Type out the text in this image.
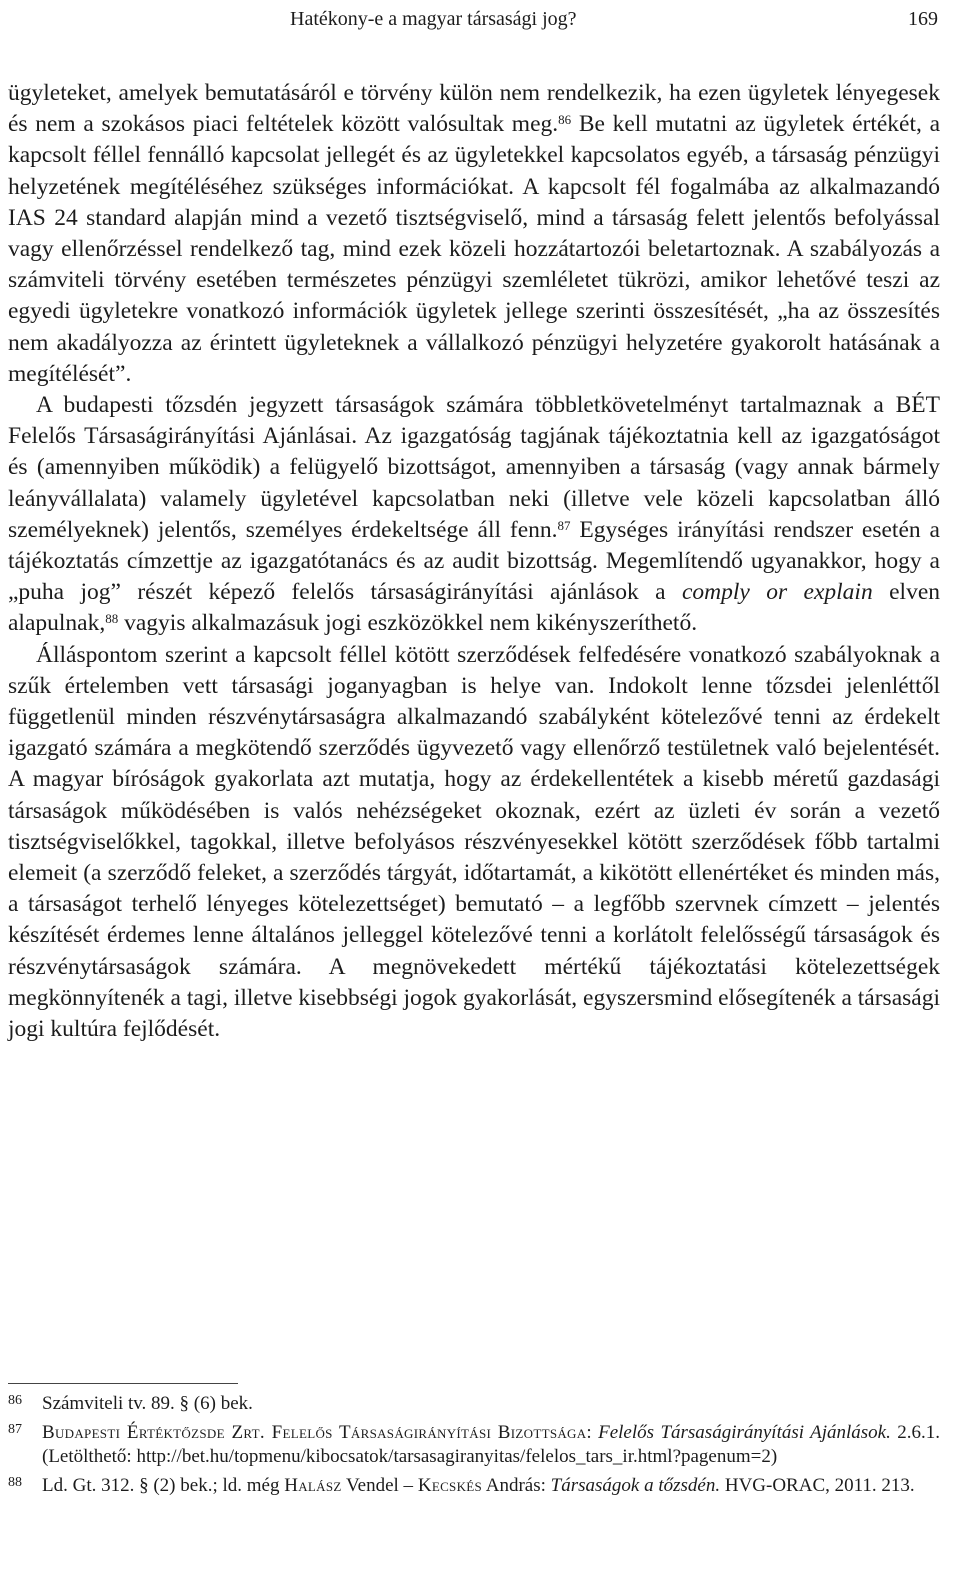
Hatékony-e a magyar társasági jog?	169

ügyleteket, amelyek bemutatásáról e törvény külön nem rendelkezik, ha ezen ügyletek lényegesek és nem a szokásos piaci feltételek között valósultak meg.$^{86}$ Be kell mutatni az ügyletek értékét, a kapcsolt féllel fennálló kapcsolat jellegét és az ügyletekkel kapcsolatos egyéb, a társaság pénzügyi helyzetének megítéléséhez szükséges információkat. A kapcsolt fél fogalmába az alkalmazandó IAS 24 standard alapján mind a vezető tisztségviselő, mind a társaság felett jelentős befolyással vagy ellenőrzéssel rendelkező tag, mind ezek közeli hozzátartozói beletartoznak. A szabályozás a számviteli törvény esetében természetes pénzügyi szemléletet tükrözi, amikor lehetővé teszi az egyedi ügyletekre vonatkozó információk ügyletek jellege szerinti összesítését, „ha az összesítés nem akadályozza az érintett ügyleteknek a vállalkozó pénzügyi helyzetére gyakorolt hatásának a megítélését”.

A budapesti tőzsdén jegyzett társaságok számára többletkövetelményt tartalmaznak a BÉT Felelős Társaságirányítási Ajánlásai. Az igazgatóság tagjának tájékoztatnia kell az igazgatóságot és (amennyiben működik) a felügyelő bizottságot, amennyiben a társaság (vagy annak bármely leányvállalata) valamely ügyletével kapcsolatban neki (illetve vele közeli kapcsolatban álló személyeknek) jelentős, személyes érdekeltsége áll fenn.$^{87}$ Egységes irányítási rendszer esetén a tájékoztatás címzettje az igazgatótanács és az audit bizottság. Megemlítendő ugyanakkor, hogy a „puha jog” részét képező felelős társaságirányítási ajánlások a comply or explain elven alapulnak,$^{88}$ vagyis alkalmazásuk jogi eszközökkel nem kikényszeríthető.

Álláspontom szerint a kapcsolt féllel kötött szerződések felfedésére vonatkozó szabályoknak a szűk értelemben vett társasági joganyagban is helye van. Indokolt lenne tőzsdei jelenléttől függetlenül minden részvénytársaságra alkalmazandó szabályként kötelezővé tenni az érdekelt igazgató számára a megkötendő szerződés ügyvezető vagy ellenőrző testületnek való bejelentését. A magyar bíróságok gyakorlata azt mutatja, hogy az érdekellentétek a kisebb méretű gazdasági társaságok működésében is valós nehézségeket okoznak, ezért az üzleti év során a vezető tisztségviselőkkel, tagokkal, illetve befolyásos részvényesekkel kötött szerződések főbb tartalmi elemeit (a szerződő feleket, a szerződés tárgyát, időtartamát, a kikötött ellenértéket és minden más, a társaságot terhelő lényeges kötelezettséget) bemutató – a legfőbb szervnek címzett – jelentés készítését érdemes lenne általános jelleggel kötelezővé tenni a korlátolt felelősségű társaságok és részvénytársaságok számára. A megnövekedett mértékű tájékoztatási kötelezettségek megkönnyítenék a tagi, illetve kisebbségi jogok gyakorlását, egyszersmind elősegítenék a társasági jogi kultúra fejlődését.

86 Számviteli tv. 89. § (6) bek.
87 Budapesti Értéktőzsde Zrt. Felelős Társaságirányítási Bizottsága: Felelős Társaságirányítási Ajánlások. 2.6.1. (Letölthető: http://bet.hu/topmenu/kibocsatok/tarsasagiranyitas/felelos_tars_ir.html?pagenum=2)
88 Ld. Gt. 312. § (2) bek.; ld. még Halász Vendel – Kecskés András: Társaságok a tőzsdén. HVG-ORAC, 2011. 213.
